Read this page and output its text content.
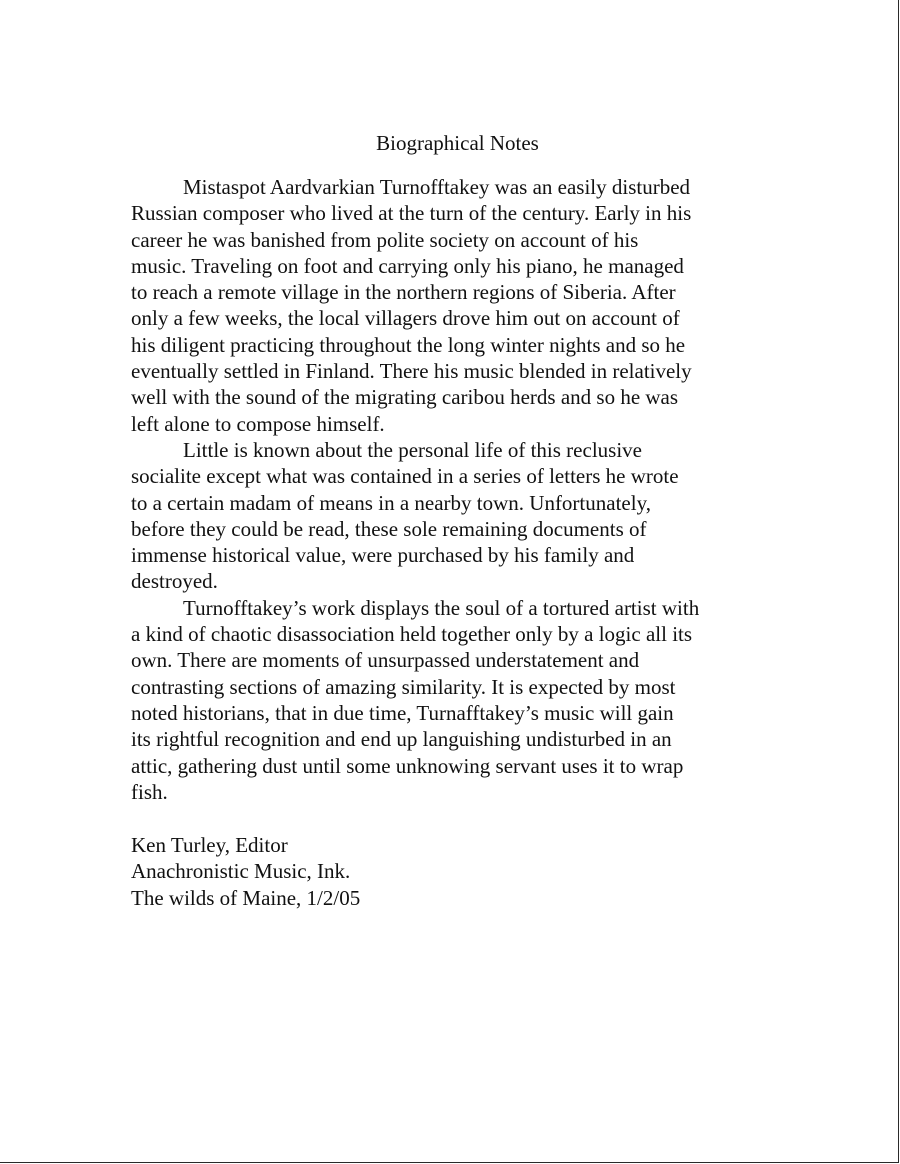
Biographical Notes

Mistaspot Aardvarkian Turnofftakey was an easily disturbed
Russian composer who lived at the turn of the century. Early in his
career he was banished from polite society on account of his
music. Traveling on foot and carrying only his piano, he managed
to reach a remote village in the northern regions of Siberia. After
only a few weeks, the local villagers drove him out on account of
his diligent practicing throughout the long winter nights and so he
eventually settled in Finland. There his music blended in relatively
well with the sound of the migrating caribou herds and so he was
left alone to compose himself.

Little is known about the personal life of this reclusive
socialite except what was contained in a series of letters he wrote
to a certain madam of means in a nearby town. Unfortunately,
before they could be read, these sole remaining documents of
immense historical value, were purchased by his family and
destroyed.

Turnofftakey’s work displays the soul of a tortured artist with
a kind of chaotic disassociation held together only by a logic all its
own. There are moments of unsurpassed understatement and
contrasting sections of amazing similarity. It is expected by most
noted historians, that in due time, Turnafftakey’s music will gain
its rightful recognition and end up languishing undisturbed in an
attic, gathering dust until some unknowing servant uses it to wrap
fish.

Ken Turley, Editor
Anachronistic Music, Ink.
The wilds of Maine, 1/2/05
